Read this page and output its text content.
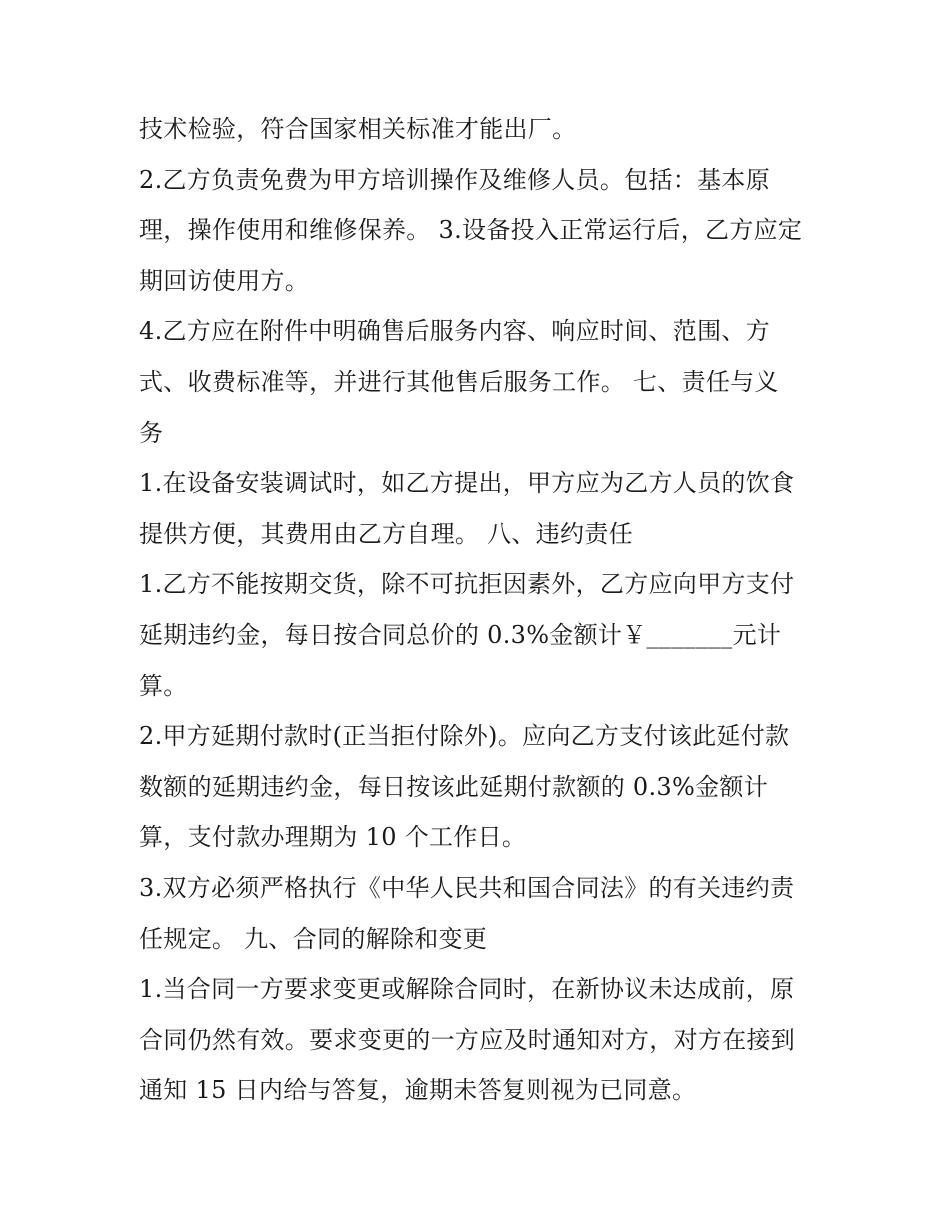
技术检验，符合国家相关标准才能出厂。
2.乙方负责免费为甲方培训操作及维修人员。包括：基本原
理，操作使用和维修保养。 3.设备投入正常运行后，乙方应定
期回访使用方。
4.乙方应在附件中明确售后服务内容、响应时间、范围、方
式、收费标准等，并进行其他售后服务工作。 七、责任与义
务
1.在设备安装调试时，如乙方提出，甲方应为乙方人员的饮食
提供方便，其费用由乙方自理。 八、违约责任
1.乙方不能按期交货，除不可抗拒因素外，乙方应向甲方支付
延期违约金，每日按合同总价的 0.3%金额计￥_______元计
算。
2.甲方延期付款时(正当拒付除外)。应向乙方支付该此延付款
数额的延期违约金，每日按该此延期付款额的 0.3%金额计
算，支付款办理期为 10 个工作日。
3.双方必须严格执行《中华人民共和国合同法》的有关违约责
任规定。 九、合同的解除和变更
1.当合同一方要求变更或解除合同时，在新协议未达成前，原
合同仍然有效。要求变更的一方应及时通知对方，对方在接到
通知 15 日内给与答复，逾期未答复则视为已同意。
